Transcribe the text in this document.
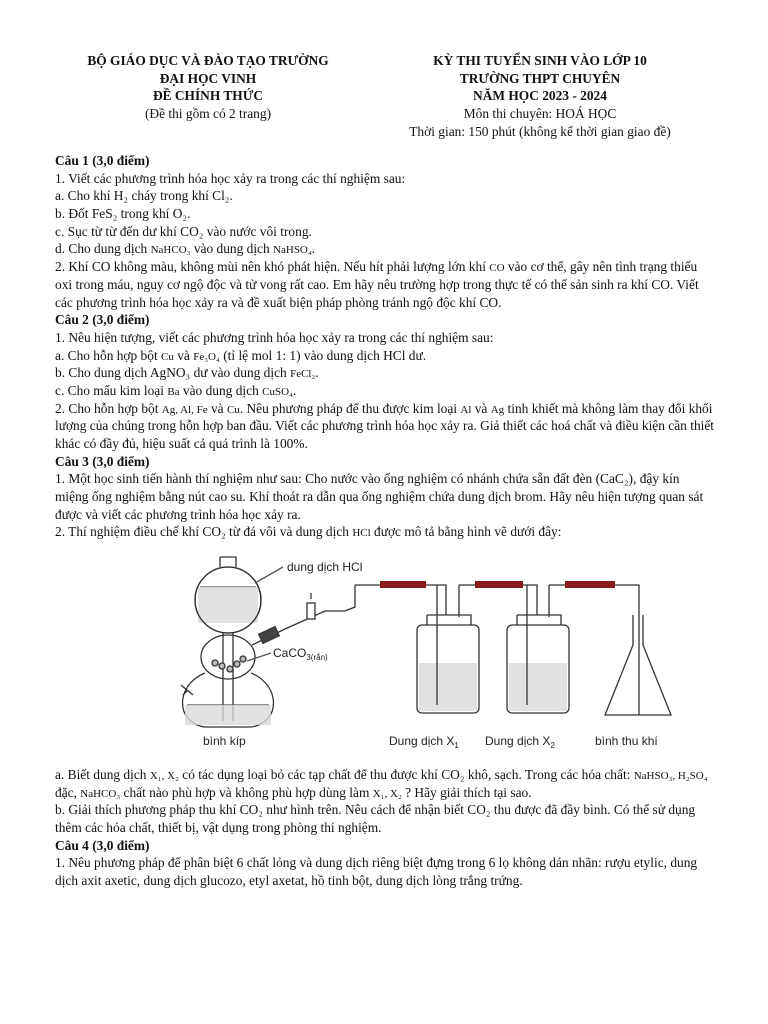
BỘ GIÁO DỤC VÀ ĐÀO TẠO TRƯỜNG
ĐẠI HỌC VINH
ĐỀ CHÍNH THỨC
(Đề thi gồm có 2 trang)
KỲ THI TUYỂN SINH VÀO LỚP 10
TRƯỜNG THPT CHUYÊN
NĂM HỌC 2023 - 2024
Môn thi chuyên: HOÁ HỌC
Thời gian: 150 phút (không kể thời gian giao đề)

Câu 1 (3,0 điểm)

1. Viết các phương trình hóa học xảy ra trong các thí nghiệm sau:

a. Cho khí H₂ cháy trong khí Cl₂.

b. Đốt FeS₂ trong khí O₂.

c. Sục từ từ đến dư khí CO₂ vào nước vôi trong.

d. Cho dung dịch NaHCO₃ vào dung dịch NaHSO₄.

2. Khí CO không màu, không mùi nên khó phát hiện. Nếu hít phải lượng lớn khí CO vào cơ thể, gây nên tình trạng thiếu oxi trong máu, nguy cơ ngộ độc và tử vong rất cao. Em hãy nêu trường hợp trong thực tế có thể sản sinh ra khí CO. Viết các phương trình hóa học xảy ra và đề xuất biện pháp phòng tránh ngộ độc khí CO.

Câu 2 (3,0 điểm)

1. Nêu hiện tượng, viết các phương trình hóa học xảy ra trong các thí nghiệm sau:

a. Cho hỗn hợp bột Cu và Fe₃O₄ (tỉ lệ mol 1: 1) vào dung dịch HCl dư.

b. Cho dung dịch AgNO₃ dư vào dung dịch FeCl₂.

c. Cho mẩu kim loại Ba vào dung dịch CuSO₄.

2. Cho hỗn hợp bột Ag, Al, Fe và Cu. Nêu phương pháp để thu được kim loại Al và Ag tinh khiết mà không làm thay đổi khối lượng của chúng trong hỗn hợp ban đầu. Viết các phương trình hóa học xảy ra. Giả thiết các hoá chất và điều kiện cần thiết khác có đầy đủ, hiệu suất cả quá trình là 100%.

Câu 3 (3,0 điểm)

1. Một học sinh tiến hành thí nghiệm như sau: Cho nước vào ống nghiệm có nhánh chứa sẵn đất đèn (CaC₂), đậy kín miệng ống nghiệm bằng nút cao su. Khí thoát ra dẫn qua ống nghiệm chứa dung dịch brom. Hãy nêu hiện tượng quan sát được và viết các phương trình hóa học xảy ra.

2. Thí nghiệm điều chế khí CO₂ từ đá vôi và dung dịch HCl được mô tả bằng hình vẽ dưới đây:

dung dịch HCl
CaCO$_{3(rắn)}$
bình kíp	Dung dịch $X_1$ Dung dịch $X_2$	bình thu khí

a. Biết dung dịch X₁, X₂ có tác dụng loại bỏ các tạp chất để thu được khí CO₂ khô, sạch. Trong các hóa chất: NaHSO₃, H₂SO₄ đặc, NaHCO₃ chất nào phù hợp và không phù hợp dùng làm X₁, X₂ ? Hãy giải thích tại sao.

b. Giải thích phương pháp thu khí CO₂ như hình trên. Nêu cách để nhận biết CO₂ thu được đã đầy bình. Có thể sử dụng thêm các hóa chất, thiết bị, vật dụng trong phòng thí nghiệm.

Câu 4 (3,0 điểm)

1. Nêu phương pháp để phân biệt 6 chất lỏng và dung dịch riêng biệt đựng trong 6 lọ không dán nhãn: rượu etylic, dung dịch axit axetic, dung dịch glucozo, etyl axetat, hồ tinh bột, dung dịch lòng trắng trứng.
